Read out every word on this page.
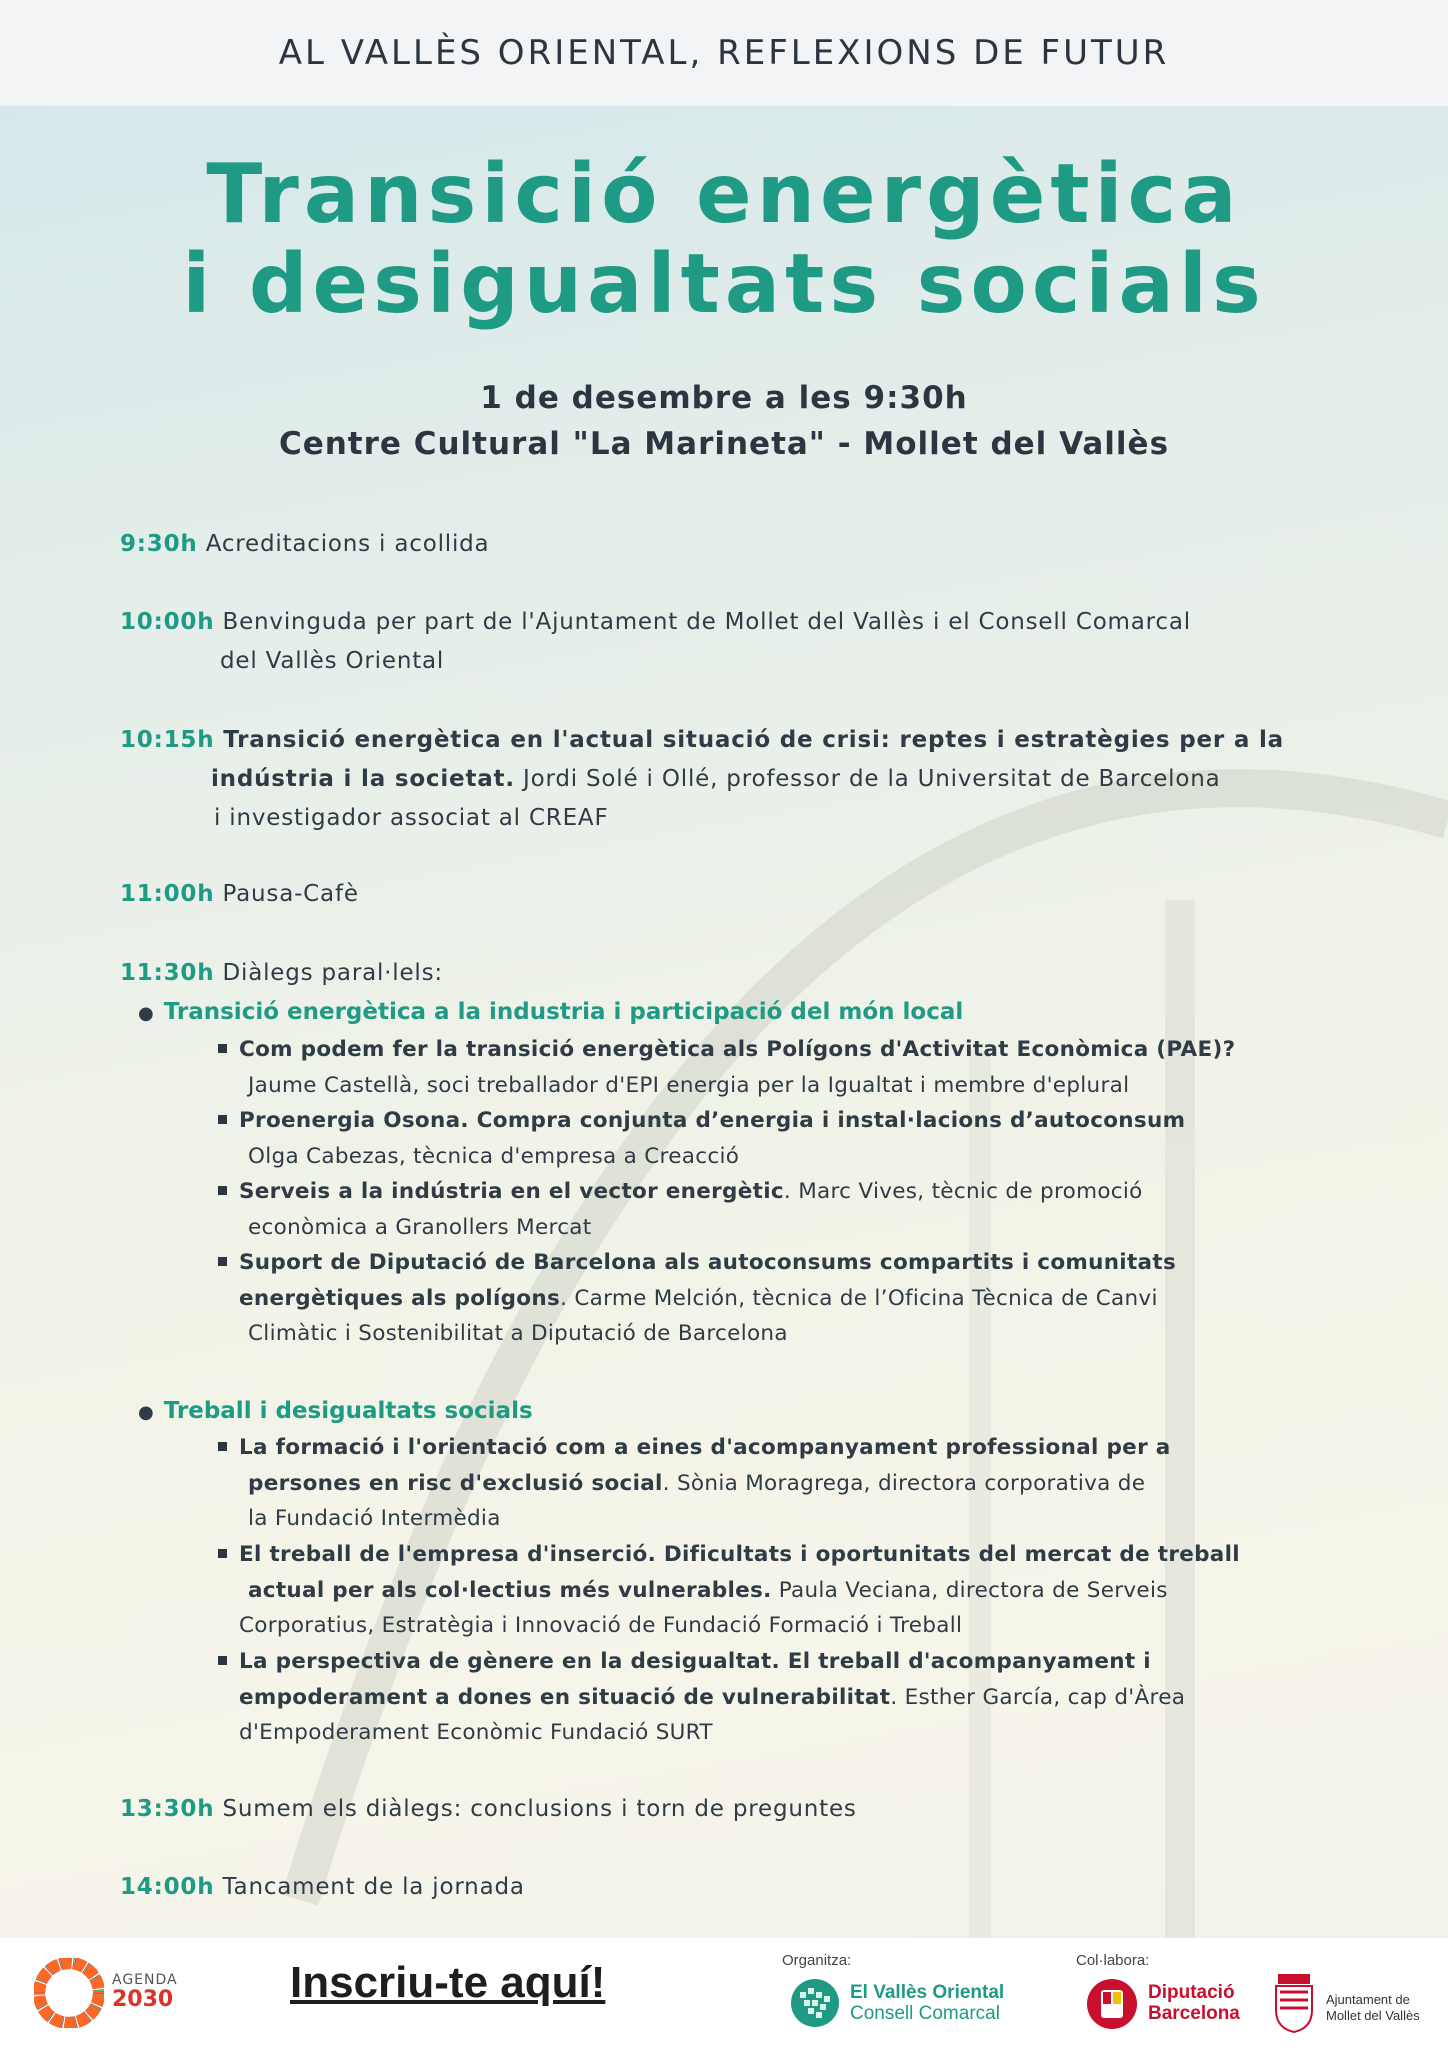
AL VALLÈS ORIENTAL, REFLEXIONS DE FUTUR
Transició energètica
i desigualtats socials
1 de desembre a les 9:30h
Centre Cultural "La Marineta" - Mollet del Vallès
9:30h Acreditacions i acollida
10:00h Benvinguda per part de l'Ajuntament de Mollet del Vallès i el Consell Comarcal
del Vallès Oriental
10:15h Transició energètica en l'actual situació de crisi: reptes i estratègies per a la
indústria i la societat. Jordi Solé i Ollé, professor de la Universitat de Barcelona
i investigador associat al CREAF
11:00h Pausa-Cafè
11:30h Diàlegs paral·lels:
● Transició energètica a la industria i participació del món local
Com podem fer la transició energètica als Polígons d'Activitat Econòmica (PAE)?
Jaume Castellà, soci treballador d'EPI energia per la Igualtat i membre d'eplural
Proenergia Osona. Compra conjunta d’energia i instal·lacions d’autoconsum
Olga Cabezas, tècnica d'empresa a Creacció
Serveis a la indústria en el vector energètic. Marc Vives, tècnic de promoció
econòmica a Granollers Mercat
Suport de Diputació de Barcelona als autoconsums compartits i comunitats
energètiques als polígons. Carme Melción, tècnica de l’Oficina Tècnica de Canvi
Climàtic i Sostenibilitat a Diputació de Barcelona
● Treball i desigualtats socials
La formació i l'orientació com a eines d'acompanyament professional per a
persones en risc d'exclusió social. Sònia Moragrega, directora corporativa de
la Fundació Intermèdia
El treball de l'empresa d'inserció. Dificultats i oportunitats del mercat de treball
actual per als col·lectius més vulnerables. Paula Veciana, directora de Serveis
Corporatius, Estratègia i Innovació de Fundació Formació i Treball
La perspectiva de gènere en la desigualtat. El treball d'acompanyament i
empoderament a dones en situació de vulnerabilitat. Esther García, cap d'Àrea
d'Empoderament Econòmic Fundació SURT
13:30h Sumem els diàlegs: conclusions i torn de preguntes
14:00h Tancament de la jornada
AGENDA
2030	Inscriu-te aquí!	Organitza:
El Vallès Oriental
Consell Comarcal
Col·labora:
Diputació
Barcelona
Ajuntament de
Mollet del Vallès
